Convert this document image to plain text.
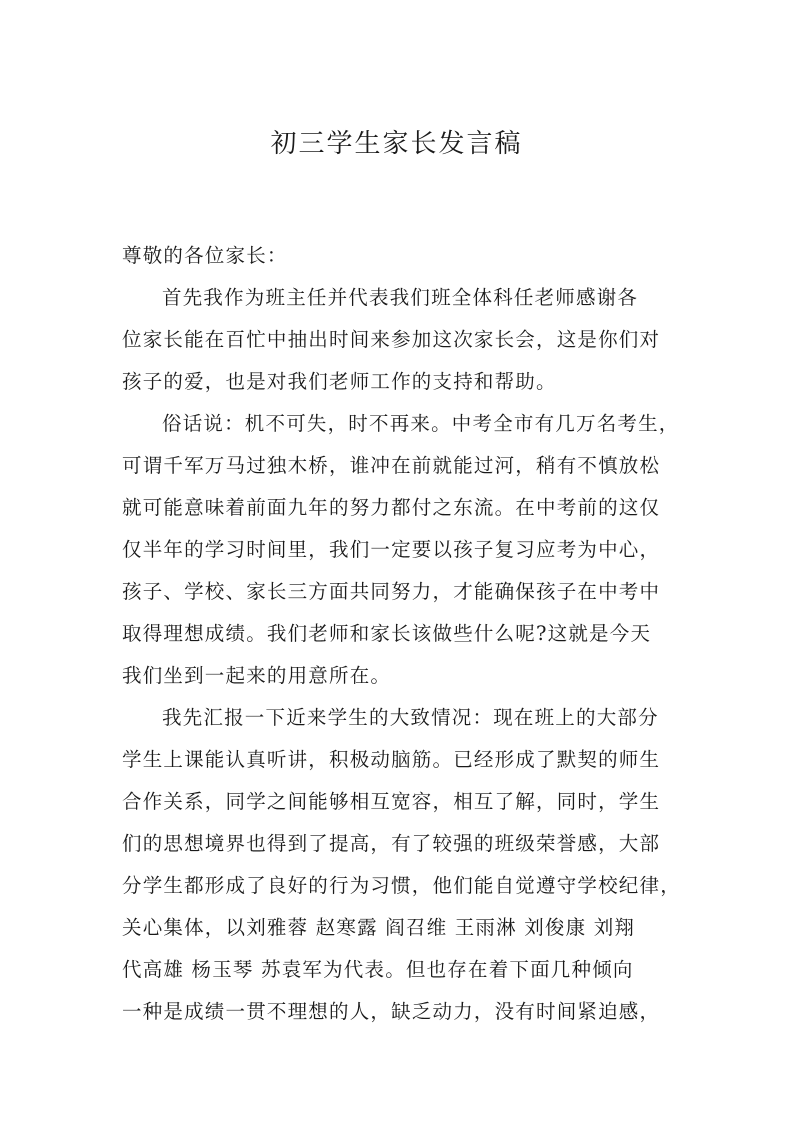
初三学生家长发言稿
尊敬的各位家长：
首先我作为班主任并代表我们班全体科任老师感谢各
位家长能在百忙中抽出时间来参加这次家长会，这是你们对
孩子的爱，也是对我们老师工作的支持和帮助。
俗话说：机不可失，时不再来。中考全市有几万名考生，
可谓千军万马过独木桥，谁冲在前就能过河，稍有不慎放松
就可能意味着前面九年的努力都付之东流。在中考前的这仅
仅半年的学习时间里，我们一定要以孩子复习应考为中心，
孩子、学校、家长三方面共同努力，才能确保孩子在中考中
取得理想成绩。我们老师和家长该做些什么呢?这就是今天
我们坐到一起来的用意所在。
我先汇报一下近来学生的大致情况：现在班上的大部分
学生上课能认真听讲，积极动脑筋。已经形成了默契的师生
合作关系，同学之间能够相互宽容，相互了解，同时，学生
们的思想境界也得到了提高，有了较强的班级荣誉感，大部
分学生都形成了良好的行为习惯，他们能自觉遵守学校纪律，
关心集体，以刘雅蓉 赵寒露 阎召维 王雨淋 刘俊康 刘翔
代高雄 杨玉琴 苏袁军为代表。但也存在着下面几种倾向
一种是成绩一贯不理想的人，缺乏动力，没有时间紧迫感，
